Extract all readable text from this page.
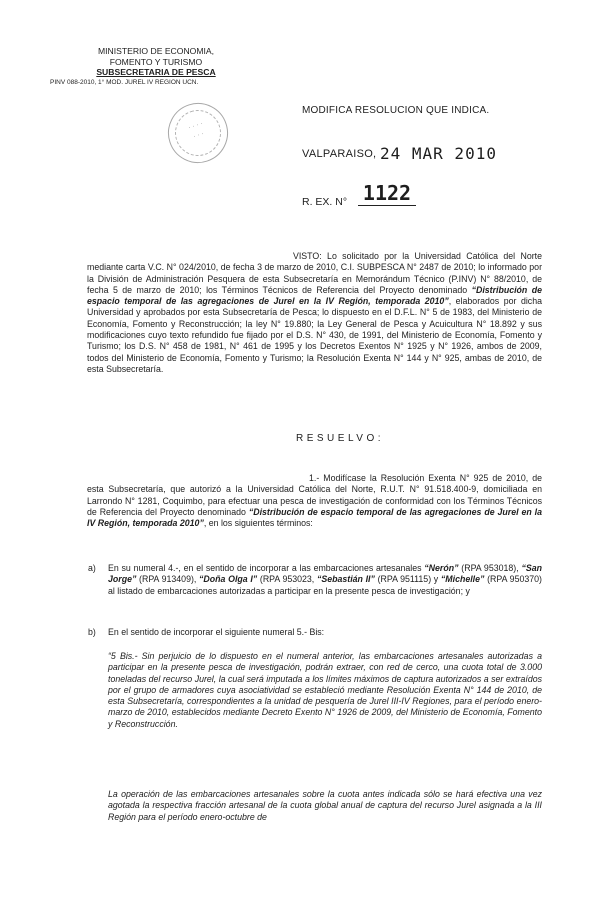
MINISTERIO DE ECONOMIA,
FOMENTO Y TURISMO
SUBSECRETARIA DE PESCA
PINV 088-2010, 1° MOD. JUREL IV REGION UCN.
· · · ·
· · ·
MODIFICA RESOLUCION QUE INDICA.
VALPARAISO, 24 MAR 2010
R. EX. N° 1122
VISTO: Lo solicitado por la Universidad Católica del Norte mediante carta V.C. N° 024/2010, de fecha 3 de marzo de 2010, C.I. SUBPESCA N° 2487 de 2010; lo informado por la División de Administración Pesquera de esta Subsecretaría en Memorándum Técnico (P.INV) N° 88/2010, de fecha 5 de marzo de 2010; los Términos Técnicos de Referencia del Proyecto denominado “Distribución de espacio temporal de las agregaciones de Jurel en la IV Región, temporada 2010”, elaborados por dicha Universidad y aprobados por esta Subsecretaría de Pesca; lo dispuesto en el D.F.L. N° 5 de 1983, del Ministerio de Economía, Fomento y Reconstrucción; la ley N° 19.880; la Ley General de Pesca y Acuicultura N° 18.892 y sus modificaciones cuyo texto refundido fue fijado por el D.S. N° 430, de 1991, del Ministerio de Economía, Fomento y Turismo; los D.S. N° 458 de 1981, N° 461 de 1995 y los Decretos Exentos N° 1925 y N° 1926, ambos de 2009, todos del Ministerio de Economía, Fomento y Turismo; la Resolución Exenta N° 144 y N° 925, ambas de 2010, de esta Subsecretaría.
RESUELVO:
1.- Modifícase la Resolución Exenta N° 925 de 2010, de esta Subsecretaría, que autorizó a la Universidad Católica del Norte, R.U.T. N° 91.518.400-9, domiciliada en Larrondo N° 1281, Coquimbo, para efectuar una pesca de investigación de conformidad con los Términos Técnicos de Referencia del Proyecto denominado “Distribución de espacio temporal de las agregaciones de Jurel en la IV Región, temporada 2010”, en los siguientes términos:
a) En su numeral 4.-, en el sentido de incorporar a las embarcaciones artesanales “Nerón” (RPA 953018), “San Jorge” (RPA 913409), “Doña Olga I” (RPA 953023, “Sebastián II” (RPA 951115) y “Michelle” (RPA 950370) al listado de embarcaciones autorizadas a participar en la presente pesca de investigación; y
b) En el sentido de incorporar el siguiente numeral 5.- Bis:
“5 Bis.- Sin perjuicio de lo dispuesto en el numeral anterior, las embarcaciones artesanales autorizadas a participar en la presente pesca de investigación, podrán extraer, con red de cerco, una cuota total de 3.000 toneladas del recurso Jurel, la cual será imputada a los límites máximos de captura autorizados a ser extraídos por el grupo de armadores cuya asociatividad se estableció mediante Resolución Exenta N° 144 de 2010, de esta Subsecretaría, correspondientes a la unidad de pesquería de Jurel III-IV Regiones, para el período enero-marzo de 2010, establecidos mediante Decreto Exento N° 1926 de 2009, del Ministerio de Economía, Fomento y Reconstrucción.
La operación de las embarcaciones artesanales sobre la cuota antes indicada sólo se hará efectiva una vez agotada la respectiva fracción artesanal de la cuota global anual de captura del recurso Jurel asignada a la III Región para el período enero-octubre de
